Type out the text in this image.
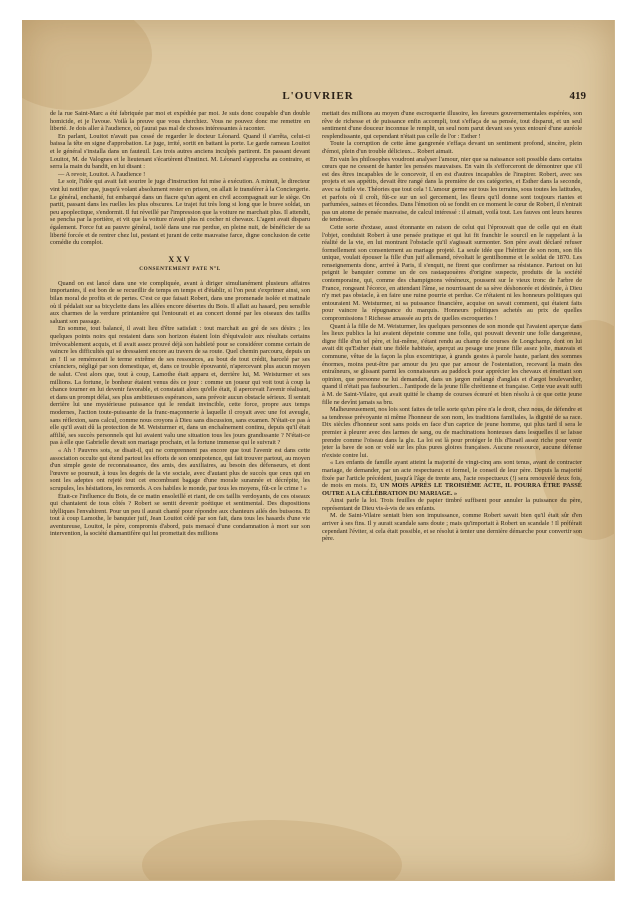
L'OUVRIER	419

de la rue Saint-Marc a été fabriquée par moi et expédiée par moi. Je suis donc coupable d'un double homicide, et je l'avoue. Voilà la preuve que vous cherchiez. Vous ne pouvez donc me remettre en liberté. Je dois aller à l'audience, où j'aurai pas mal de choses intéressantes à raconter.

En parlant, Louitot n'avait pas cessé de regarder le docteur Léonard. Quand il s'arrêta, celui-ci baissa la tête en signe d'approbation. Le juge, irrité, sortit en battant la porte. Le garde rameau Louitot et le général s'installa dans un fauteuil. Les trois autres anciens inculpés partirent. En passant devant Louitot, M. de Valognes et le lieutenant s'écartèrent d'instinct. M. Léonard s'approcha au contraire, et serra la main du bandit, en lui disant :

— A revoir, Louitot. A l'audience !

Le soir, l'idée qui avait fait sourire le juge d'instruction fut mise à exécution. A minuit, le directeur vint lui notifier que, jusqu'à volant absolument rester en prison, on allait le transférer à la Conciergerie. Le général, enchanté, fut embarqué dans un fiacre qu'un agent en civil accompagnait sur le siège. On partit, passant dans les ruelles les plus obscures. Le trajet fut très long si long que le brave soldat, un peu apoplectique, s'endormit. Il fut réveillé par l'impression que la voiture ne marchait plus. Il attendit, se pencha par la portière, et vit que la voiture n'avait plus ni cocher ni chevaux. L'agent avait disparu également. Force fut au pauvre général, isolé dans une rue perdue, en pleine nuit, de bénéficier de sa liberté forcée et de rentrer chez lui, pestant et jurant de cette mauvaise farce, digne conclusion de cette comédie du complot.

XXV
CONSENTEMENT PATE N°L

Quand on est lancé dans une vie compliquée, avant à diriger simultanément plusieurs affaires importantes, il est bon de se recueillir de temps en temps et d'établir, si l'on peut s'exprimer ainsi, son bilan moral de profits et de pertes. C'est ce que faisait Robert, dans une promenade isolée et matinale où il pédalait sur sa bicyclette dans les allées encore désertes du Bois. Il allait au hasard, peu sensible aux charmes de la verdure printanière qui l'entourait et au concert donné par les oiseaux des taillis saluant son passage.

En somme, tout balancé, il avait lieu d'être satisfait : tout marchait au gré de ses désirs ; les quelques points noirs qui restaient dans son horizon étaient loin d'équivaloir aux résultats certains irrévocablement acquis, et il avait assez prouvé déjà son habileté pour se considérer comme certain de vaincre les difficultés qui se dressaient encore au travers de sa route. Quel chemin parcouru, depuis un an ! Il se remémorait le terme extrême de ses ressources, au bout de tout crédit, harcelé par ses créanciers, négligé par son domestique, et, dans ce trouble épouvanté, n'apercevant plus aucun moyen de salut. C'est alors que, tout à coup, Lamothe était apparu et, derrière lui, M. Weisturmer et ses millions. La fortune, le bonheur étaient venus dès ce jour : comme un joueur qui voit tout à coup la chance tourner en lui devenir favorable, et constatait alors qu'elle était, il apercevait l'avenir réalisant, et dans un prompt délai, ses plus ambitieuses espérances, sans prévoir aucun obstacle sérieux. Il sentait derrière lui une mystérieuse puissance qui le rendait invincible, cette force, propre aux temps modernes, l'action toute-puissante de la franc-maçonnerie à laquelle il croyait avec une foi aveugle, sans réflexion, sans calcul, comme nous croyons à Dieu sans discussion, sans examen. N'était-ce pas à elle qu'il avait dû la protection de M. Weisturmer et, dans un enchaînement continu, depuis qu'il était affilié, ses succès personnels qui lui avaient valu une situation tous les jours grandissante ? N'était-ce pas à elle que Gabrielle devait son mariage prochain, et la fortune immense qui le suivrait ?

« Ah ! Pauvres sots, se disait-il, qui ne comprennent pas encore que tout l'avenir est dans cette association occulte qui étend partout les efforts de son omnipotence, qui fait trouver partout, au moyen d'un simple geste de reconnaissance, des amis, des auxiliaires, au besoin des défenseurs, et dont l'œuvre se poursuit, à tous les degrés de la vie sociale, avec d'autant plus de succès que ceux qui en sont les adeptes ont rejeté tout cet encombrant bagage d'une morale surannée et décrépite, les scrupules, les hésitations, les remords. A ces habiles le monde, par tous les moyens, fût-ce le crime ! »

Était-ce l'influence du Bois, de ce matin ensoleillé et riant, de ces taillis verdoyants, de ces oiseaux qui chantaient de tous côtés ? Robert se sentit devenir poétique et sentimental. Des dispositions idylliques l'envahirent. Pour un peu il aurait chanté pour répondre aux chanteurs ailés des buissons. Et tout à coup Lamothe, le banquier juif, Jean Louitot cédé par son fait, dans tous les hasards d'une vie aventureuse, Louitot, le père, compromis d'abord, puis menacé d'une condamnation à mort sur son intervention, la société diamantifère qui lui promettait des millions

mettait des millions au moyen d'une escroquerie illusoire, les faveurs gouvernementales espérées, son rêve de richesse et de puissance enfin accompli, tout s'effaça de sa pensée, tout disparut, et un seul sentiment d'une douceur inconnue le remplit, un seul nom parut devant ses yeux entouré d'une auréole resplendissante, qui cependant n'était pas celle de l'or : Esther !

Toute la corruption de cette âme gangrenée s'effaça devant un sentiment profond, sincère, plein d'émoi, plein d'un trouble délicieux... Robert aimait.

En vain les philosophes voudront analyser l'amour, nier que sa naissance soit possible dans certains cœurs que ne cessent de hanter les pensées mauvaises. En vain ils s'efforceront de démontrer que s'il est des êtres incapables de le concevoir, il en est d'autres incapables de l'inspirer. Robert, avec ses projets et ses appétits, devait être rangé dans la première de ces catégories, et Esther dans la seconde, avec sa futile vie. Théories que tout cela ! L'amour germe sur tous les terrains, sous toutes les latitudes, et parfois où il croît, fût-ce sur un sol gercement, les fleurs qu'il donne sont toujours riantes et parfumées, saines et fécondes. Dans l'émotion où se fondit en ce moment le cœur de Robert, il n'entrait pas un atome de pensée mauvaise, de calcul intéressé : il aimait, voilà tout. Les fauves ont leurs heures de tendresse.

Cette sorte d'extase, aussi étonnante en raison de celui qui l'éprouvait que de celle qui en était l'objet, conduisit Robert à une pensée pratique et qui lui fit franchir le sourcil en le rappelant à la réalité de la vie, en lui montrant l'obstacle qu'il s'agissait surmonter. Son père avait déclaré refuser formellement son consentement au mariage projeté. La seule idée que l'héritier de son nom, son fils unique, voulait épouser la fille d'un juif allemand, révoltait le gentilhomme et le soldat de 1870. Les renseignements donc, arrivé à Paris, il s'enquit, ne firent que confirmer sa résistance. Partout on lui peignit le banquier comme un de ces rastaquouères d'origine suspecte, produits de la société contemporaine, qui, comme des champignons vénéneux, poussent sur le vieux tronc de l'arbre de France, rongeant l'écorce, en attendant l'âme, se nourrissant de sa sève déshonorée et déstinée, à Dieu n'y met pas obstacle, à en faire une ruine pourrie et perdue. Ce n'étaient ni les honneurs politiques qui entouraient M. Weisturmer, ni sa puissance financière, acquise on savait comment, qui étaient faits pour vaincre la répugnance du marquis. Honneurs politiques achetés au prix de quelles compromissions ! Richesse amassée au prix de quelles escroqueries !

Quant à la fille de M. Weisturmer, les quelques personnes de son monde qui l'avaient aperçue dans les lieux publics la lui avaient dépeinte comme une folle, qui pouvait devenir une folle dangereuse, digne fille d'un tel père, et lui-même, s'étant rendu au champ de courses de Longchamp, dont on lui avait dit qu'Esther était une fidèle habituée, aperçut au pesage une jeune fille assez jolie, mauvais et commune, vêtue de la façon la plus excentrique, à grands gestes à parole haute, parlant des sommes énormes, moins peut-être par amour du jeu que par amour de l'ostentation, recevant la main des entraîneurs, se glissant parmi les connaisseurs au paddock pour apprécier les chevaux et émettant son opinion, que personne ne lui demandait, dans un jargon mélangé d'anglais et d'argot boulevardier, quand il n'était pas faubourien... l'antipode de la jeune fille chrétienne et française. Cette vue avait suffi à M. de Saint-Vilaire, qui avait quitté le champ de courses écœuré et bien résolu à ce que cette jeune fille ne devînt jamais sa bru.

Malheureusement, nos lois sont faites de telle sorte qu'un père n'a le droit, chez nous, de défendre et sa tendresse prévoyante ni même l'honneur de son nom, les traditions familiales, la dignité de sa race. Dix siècles d'honneur sont sans poids en face d'un caprice de jeune homme, qui plus tard il sera le premier à pleurer avec des larmes de sang, ou de machinations honteuses dans lesquelles il se laisse prendre comme l'oiseau dans la glu. La loi est là pour protéger le fils d'Israël assez riche pour venir jeter la bave de son or volé sur les plus pures gloires françaises. Aucune ressource, aucune défense n'existe contre lui.

« Les enfants de famille ayant atteint la majorité de vingt-cinq ans sont tenus, avant de contracter mariage, de demander, par un acte respectueux et formel, le conseil de leur père. Depuis la majorité fixée par l'article précédent, jusqu'à l'âge de trente ans, l'acte respectueux (!) sera renouvelé deux fois, de mois en mois. Et, UN MOIS APRÈS LE TROISIÈME ACTE, IL POURRA ÊTRE PASSÉ OUTRE A LA CÉLÉBRATION DU MARIAGE. »

Ainsi parle la loi. Trois feuilles de papier timbré suffisent pour annuler la puissance du père, représentant de Dieu vis-à-vis de ses enfants.

M. de Saint-Vilaire sentait bien son impuissance, comme Robert savait bien qu'il était sûr d'en arriver à ses fins. Il y aurait scandale sans doute ; mais qu'importait à Robert un scandale ! Il préférait cependant l'éviter, si cela était possible, et se résolut à tenter une dernière démarche pour convertir son père.
